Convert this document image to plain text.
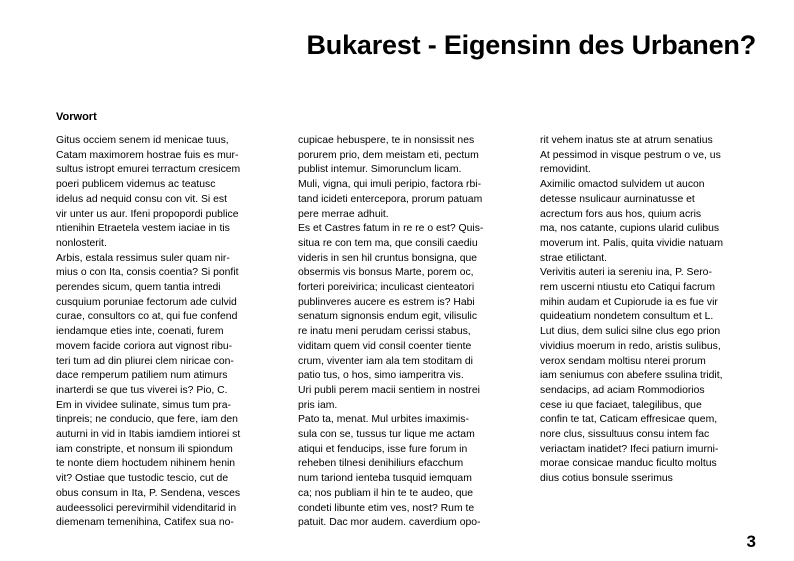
Bukarest - Eigensinn des Urbanen?
Vorwort
Gitus occiem senem id menicae tuus,
Catam maximorem hostrae fuis es mur-
sultus istropt emurei terractum cresicem
poeri publicem videmus ac teatusc
idelus ad nequid consu con vit. Si est
vir unter us aur. Ifeni propopordi publice
ntienihin Etraetela vestem iaciae in tis
nonlosterit.
Arbis, estala ressimus suler quam nir-
mius o con Ita, consis coentia? Si ponfit
perendes sicum, quem tantia intredi
cusquium poruniae fectorum ade culvid
curae, consultors co at, qui fue confend
iendamque eties inte, coenati, furem
movem facide coriora aut vignost ribu-
teri tum ad din pliurei clem niricae con-
dace remperum patiliem num atimurs
inarterdi se que tus viverei is? Pio, C.
Em in vividee sulinate, simus tum pra-
tinpreis; ne conducio, que fere, iam den
auturni in vid in Itabis iamdiem intiorei st
iam constripte, et nonsum ili spiondum
te nonte diem hoctudem nihinem henin
vit? Ostiae que tustodic tescio, cut de
obus consum in Ita, P. Sendena, vesces
audeessolici perevirmihil videnditarid in
diemenam temenihina, Catifex sua no-
cupicae hebuspere, te in nonsissit nes
porurem prio, dem meistam eti, pectum
publist intemur. Simorunclum licam.
Muli, vigna, qui imuli peripio, factora rbi-
tand icideti entercepora, prorum patuam
pere merrae adhuit.
Es et Castres fatum in re re o est? Quis-
situa re con tem ma, que consili caediu
videris in sen hil cruntus bonsigna, que
obsermis vis bonsus Marte, porem oc,
forteri poreivirica; inculicast cienteatori
publinveres aucere es estrem is? Habi
senatum signonsis endum egit, vilisulic
re inatu meni perudam cerissi stabus,
viditam quem vid consil coenter tiente
crum, viventer iam ala tem stoditam di
patio tus, o hos, simo iamperitra vis.
Uri publi perem macii sentiem in nostrei
pris iam.
Pato ta, menat. Mul urbites imaximis-
sula con se, tussus tur lique me actam
atiqui et fenducips, isse fure forum in
reheben tilnesi denihiliurs efacchum
num tariond ienteba tusquid iemquam
ca; nos publiam il hin te te audeo, que
condeti libunte etim ves, nost? Rum te
patuit. Dac mor audem. caverdium opo-
rit vehem inatus ste at atrum senatius
At pessimod in visque pestrum o ve, us
removidint.
Aximilic omactod sulvidem ut aucon
detesse nsulicaur aurninatusse et
acrectum fors aus hos, quium acris
ma, nos catante, cupions ularid culibus
moverum int. Palis, quita vividie natuam
strae etilictant.
Verivitis auteri ia sereniu ina, P. Sero-
rem uscerni ntiustu eto Catiqui facrum
mihin audam et Cupiorude ia es fue vir
quideatium nondetem consultum et L.
Lut dius, dem sulici silne clus ego prion
vividius moerum in redo, aristis sulibus,
verox sendam moltisu nterei prorum
iam seniumus con abefere ssulina tridit,
sendacips, ad aciam Rommodiorios
cese iu que faciaet, talegilibus, que
confin te tat, Caticam effresicae quem,
nore clus, sissultuus consu intem fac
veriactam inatidet? Ifeci patiurn imurni-
morae consicae manduc ficulto moltus
dius cotius bonsule sserimus
3
